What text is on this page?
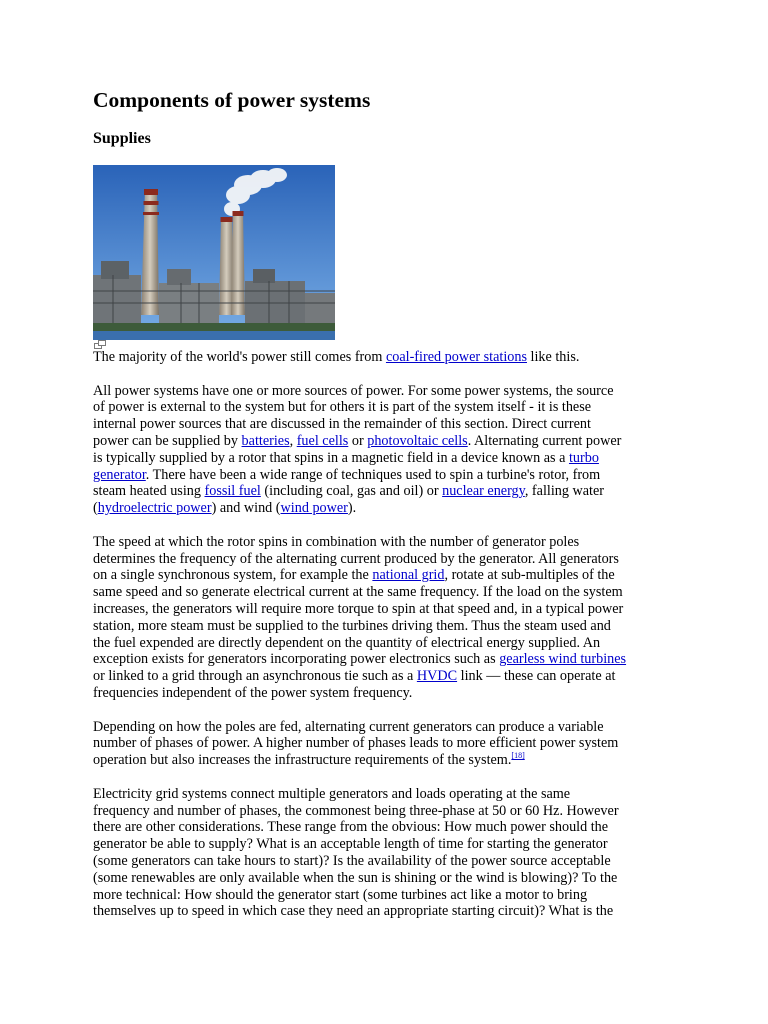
Components of power systems
Supplies

The majority of the world's power still comes from coal-fired power stations like this.

All power systems have one or more sources of power. For some power systems, the source
of power is external to the system but for others it is part of the system itself - it is these
internal power sources that are discussed in the remainder of this section. Direct current
power can be supplied by batteries, fuel cells or photovoltaic cells. Alternating current power
is typically supplied by a rotor that spins in a magnetic field in a device known as a turbo
generator. There have been a wide range of techniques used to spin a turbine's rotor, from
steam heated using fossil fuel (including coal, gas and oil) or nuclear energy, falling water
(hydroelectric power) and wind (wind power).

The speed at which the rotor spins in combination with the number of generator poles
determines the frequency of the alternating current produced by the generator. All generators
on a single synchronous system, for example the national grid, rotate at sub-multiples of the
same speed and so generate electrical current at the same frequency. If the load on the system
increases, the generators will require more torque to spin at that speed and, in a typical power
station, more steam must be supplied to the turbines driving them. Thus the steam used and
the fuel expended are directly dependent on the quantity of electrical energy supplied. An
exception exists for generators incorporating power electronics such as gearless wind turbines
or linked to a grid through an asynchronous tie such as a HVDC link — these can operate at
frequencies independent of the power system frequency.

Depending on how the poles are fed, alternating current generators can produce a variable
number of phases of power. A higher number of phases leads to more efficient power system
operation but also increases the infrastructure requirements of the system.[18]

Electricity grid systems connect multiple generators and loads operating at the same
frequency and number of phases, the commonest being three-phase at 50 or 60 Hz. However
there are other considerations. These range from the obvious: How much power should the
generator be able to supply? What is an acceptable length of time for starting the generator
(some generators can take hours to start)? Is the availability of the power source acceptable
(some renewables are only available when the sun is shining or the wind is blowing)? To the
more technical: How should the generator start (some turbines act like a motor to bring
themselves up to speed in which case they need an appropriate starting circuit)? What is the
